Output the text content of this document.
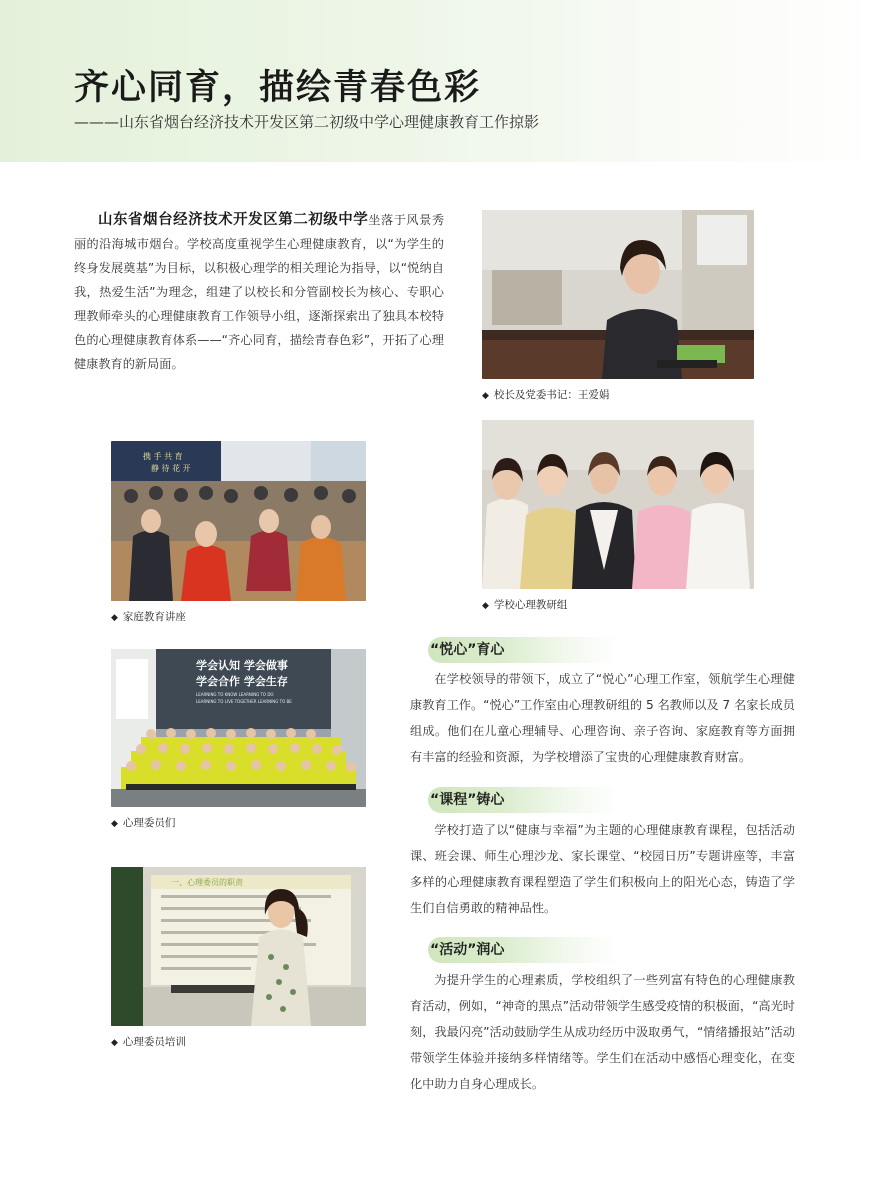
齐心同育，描绘青春色彩
———山东省烟台经济技术开发区第二初级中学心理健康教育工作掠影

山东省烟台经济技术开发区第二初级中学坐落于风景秀丽的沿海城市烟台。学校高度重视学生心理健康教育，以“为学生的终身发展奠基”为目标，以积极心理学的相关理论为指导，以“悦纳自我，热爱生活”为理念，组建了以校长和分管副校长为核心、专职心理教师牵头的心理健康教育工作领导小组，逐渐探索出了独具本校特色的心理健康教育体系——“齐心同育，描绘青春色彩”，开拓了心理健康教育的新局面。

◆ 校长及党委书记：王爱娟
◆ 学校心理教研组
携 手 共 育
静 待 花 开
◆ 家庭教育讲座
学会认知 学会做事
学会合作 学会生存
LEARNING TO KNOW LEARNING TO DO
LEARNING TO LIVE TOGETHER LEARNING TO BE
◆ 心理委员们
一、心理委员的职责
◆ 心理委员培训
“悦心”育心

在学校领导的带领下，成立了“悦心”心理工作室，领航学生心理健康教育工作。“悦心”工作室由心理教研组的 5 名教师以及 7 名家长成员组成。他们在儿童心理辅导、心理咨询、亲子咨询、家庭教育等方面拥有丰富的经验和资源，为学校增添了宝贵的心理健康教育财富。

“课程”铸心

学校打造了以“健康与幸福”为主题的心理健康教育课程，包括活动课、班会课、师生心理沙龙、家长课堂、“校园日历”专题讲座等，丰富多样的心理健康教育课程塑造了学生们积极向上的阳光心态，铸造了学生们自信勇敢的精神品性。

“活动”润心

为提升学生的心理素质，学校组织了一些列富有特色的心理健康教育活动，例如，“神奇的黑点”活动带领学生感受疫情的积极面，“高光时刻，我最闪亮”活动鼓励学生从成功经历中汲取勇气，“情绪播报站”活动带领学生体验并接纳多样情绪等。学生们在活动中感悟心理变化，在变化中助力自身心理成长。
